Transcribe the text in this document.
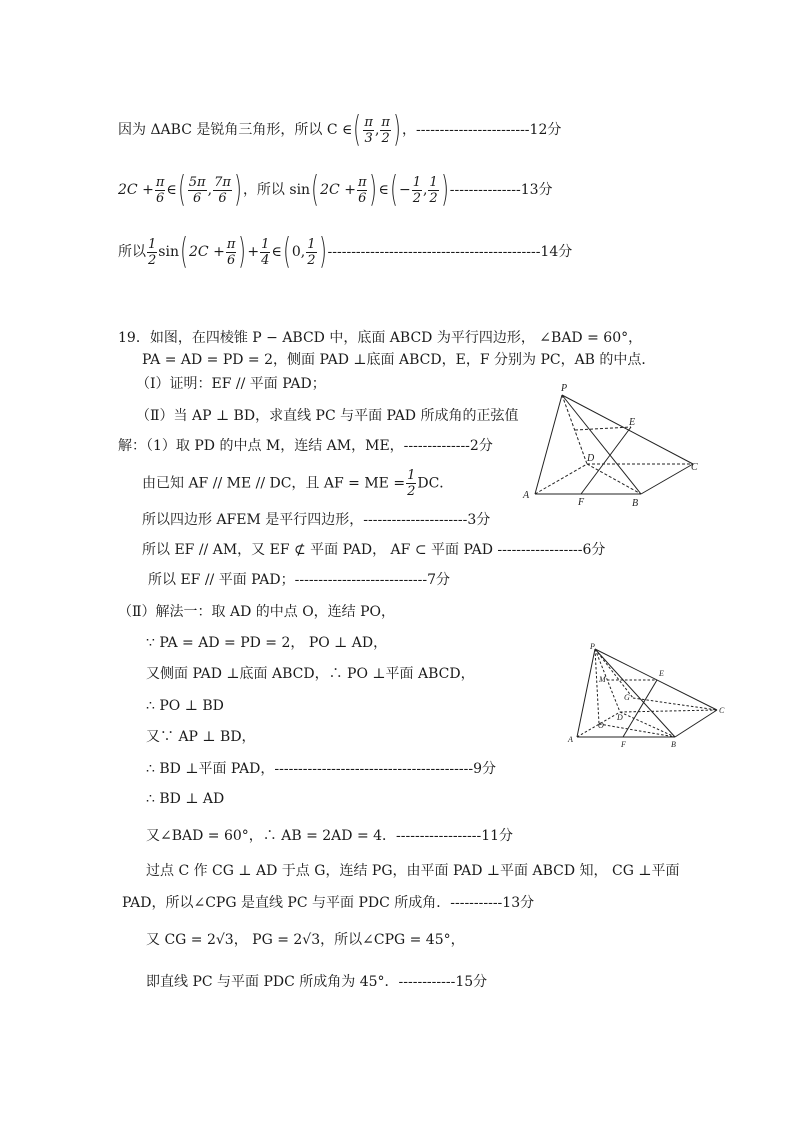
因为 ΔABC 是锐角三角形，所以 C ∈( $\frac{\pi}{3}$ , $\frac{\pi}{2}$ )，------------------------12分
$2C + \frac{\pi}{6}$ ∈( $\frac{5\pi}{6}$ , $\frac{7\pi}{6}$ )，所以 $\sin(2C + \frac{\pi}{6}$ )∈(− $\frac{1}{2}$ , $\frac{1}{2} )---------------13$分
所以 $\frac{1}{2} \sin(2C + \frac{\pi}{6}$ )+ $\frac{1}{4}$ ∈(0, $\frac{1}{2} )---------------------------------------------14$分
19．如图，在四棱锥 P − ABCD 中，底面 ABCD 为平行四边形， ∠BAD = 60°，
PA = AD = PD = 2，侧面 PAD ⊥底面 ABCD，E，F 分别为 PC，AB 的中点．
（Ⅰ）证明：EF // 平面 PAD；
（Ⅱ）当 AP ⊥ BD，求直线 PC 与平面 PAD 所成角的正弦值
解：（1）取 PD 的中点 M，连结 AM，ME，--------------2分
由已知 AF // ME // DC，且 AF = ME = $\frac{1}{2}$ DC．
所以四边形 AFEM 是平行四边形，----------------------3分
所以 EF // AM，又 EF ⊄ 平面 PAD， AF ⊂ 平面 PAD ------------------6分
所以 EF // 平面 PAD；----------------------------7分
（Ⅱ）解法一：取 AD 的中点 O，连结 PO，
∵ PA = AD = PD = 2， PO ⊥ AD，
又侧面 PAD ⊥底面 ABCD，∴ PO ⊥平面 ABCD，
∴ PO ⊥ BD
又∵ AP ⊥ BD，
∴ BD ⊥平面 PAD，------------------------------------------9分
∴ BD ⊥ AD
又∠BAD = 60°，∴ AB = 2AD = 4．------------------11分
过点 C 作 CG ⊥ AD 于点 G，连结 PG，由平面 PAD ⊥平面 ABCD 知， CG ⊥平面
PAD，所以∠CPG 是直线 PC 与平面 PDC 所成角．-----------13分
又 CG = 2√3， PG = 2√3，所以∠CPG = 45°，
即直线 PC 与平面 PDC 所成角为 45°．------------15分
P
E
D
C
A
F	B
P
M
E
G
D
O
C
A
F	B
